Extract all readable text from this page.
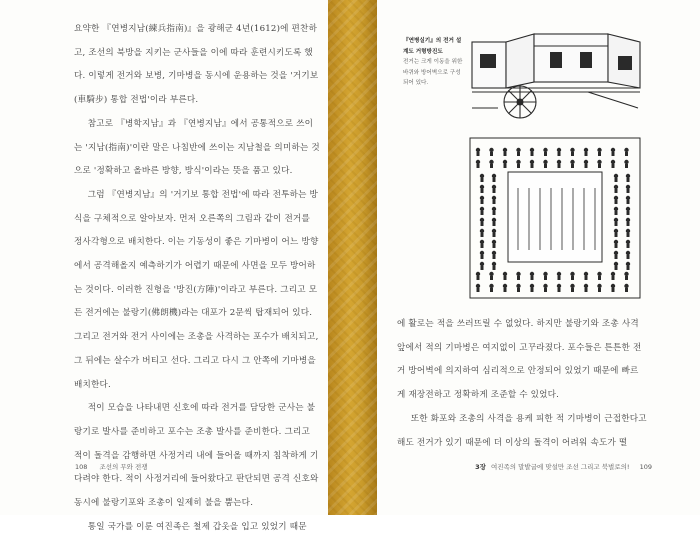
요약한 『연병지남(練兵指南)』을 광해군 4년(1612)에 편찬하고, 조선의 북방을 지키는 군사들을 이에 따라 훈련시키도록 했다. 이렇게 전거와 보병, 기마병을 동시에 운용하는 것을 '거기보(車騎步) 통합 전법'이라 부른다.

참고로 『병학지남』과 『연병지남』에서 공통적으로 쓰이는 '지남(指南)'이란 말은 나침반에 쓰이는 지남철을 의미하는 것으로 '정확하고 올바른 방향, 방식'이라는 뜻을 품고 있다.

그럼 『연병지남』의 '거기보 통합 전법'에 따라 전투하는 방식을 구체적으로 알아보자. 먼저 오른쪽의 그림과 같이 전거를 정사각형으로 배치한다. 이는 기동성이 좋은 기마병이 어느 방향에서 공격해올지 예측하기가 어렵기 때문에 사면을 모두 방어하는 것이다. 이러한 진형을 '방진(方陣)'이라고 부른다. 그리고 모든 전거에는 불랑기(佛朗機)라는 대포가 2문씩 탑재되어 있다. 그리고 전거와 전거 사이에는 조총을 사격하는 포수가 배치되고, 그 뒤에는 살수가 버티고 선다. 그리고 다시 그 안쪽에 기마병을 배치한다.

적이 모습을 나타내면 신호에 따라 전거를 담당한 군사는 불랑기로 발사를 준비하고 포수는 조총 발사를 준비한다. 그리고 적이 돌격을 감행하면 사정거리 내에 들어올 때까지 침착하게 기다려야 한다. 적이 사정거리에 들어왔다고 판단되면 공격 신호와 동시에 불랑기포와 조총이 일제히 불을 뿜는다.

통일 국가를 이룬 여진족은 철제 갑옷을 입고 있었기 때문

108 조선의 무와 전쟁
『연병실기』의 전거 설계도 거형방진도
전거는 크게 이동을 위한 바퀴와 방어벽으로 구성되어 있다.

에 활로는 적을 쓰러뜨릴 수 없었다. 하지만 불랑기와 조총 사격 앞에서 적의 기마병은 여지없이 고꾸라졌다. 포수들은 튼튼한 전거 방어벽에 의지하여 심리적으로 안정되어 있었기 때문에 빠르게 재장전하고 정확하게 조준할 수 있었다.

또한 화포와 조총의 사격을 용케 피한 적 기마병이 근접한다고 해도 전거가 있기 때문에 더 이상의 돌격이 어려워 속도가 떨

3장 여진족의 말발굽에 맞설만 조선 그리고 북벌로의! 109
